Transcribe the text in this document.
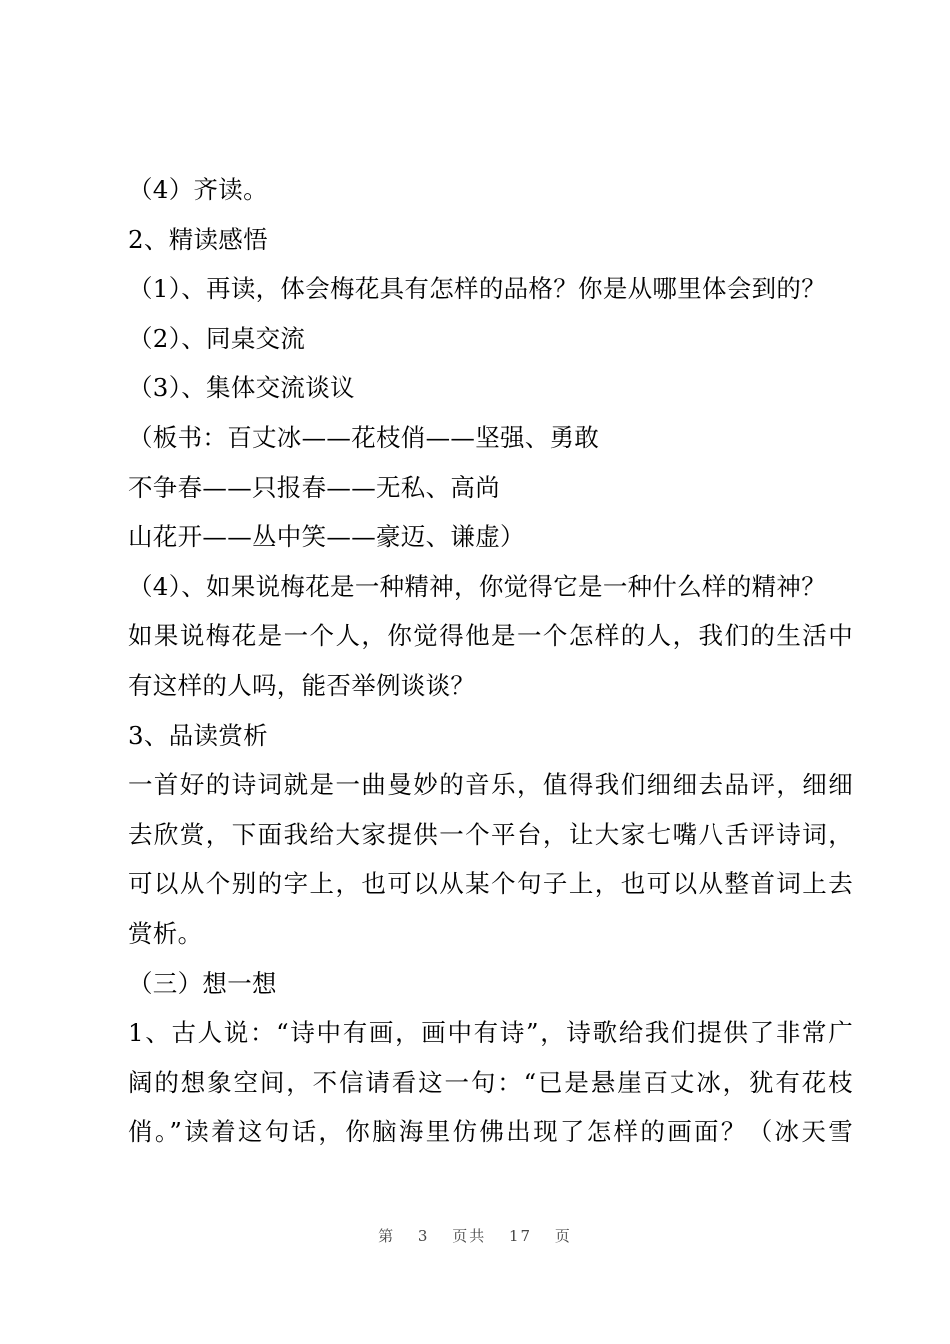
（4）齐读。
2、精读感悟
（1）、再读，体会梅花具有怎样的品格？你是从哪里体会到的？
（2）、同桌交流
（3）、集体交流谈议
（板书：百丈冰——花枝俏——坚强、勇敢
不争春——只报春——无私、高尚
山花开——丛中笑——豪迈、谦虚）
（4）、如果说梅花是一种精神，你觉得它是一种什么样的精神？
如果说梅花是一个人，你觉得他是一个怎样的人，我们的生活中
有这样的人吗，能否举例谈谈？
3、品读赏析
一首好的诗词就是一曲曼妙的音乐，值得我们细细去品评，细细
去欣赏，下面我给大家提供一个平台，让大家七嘴八舌评诗词，
可以从个别的字上，也可以从某个句子上，也可以从整首词上去
赏析。
（三）想一想
1、古人说：“诗中有画，画中有诗”，诗歌给我们提供了非常广
阔的想象空间，不信请看这一句：“已是悬崖百丈冰，犹有花枝
俏。”读着这句话，你脑海里仿佛出现了怎样的画面？（冰天雪
第 3 页共 17 页
